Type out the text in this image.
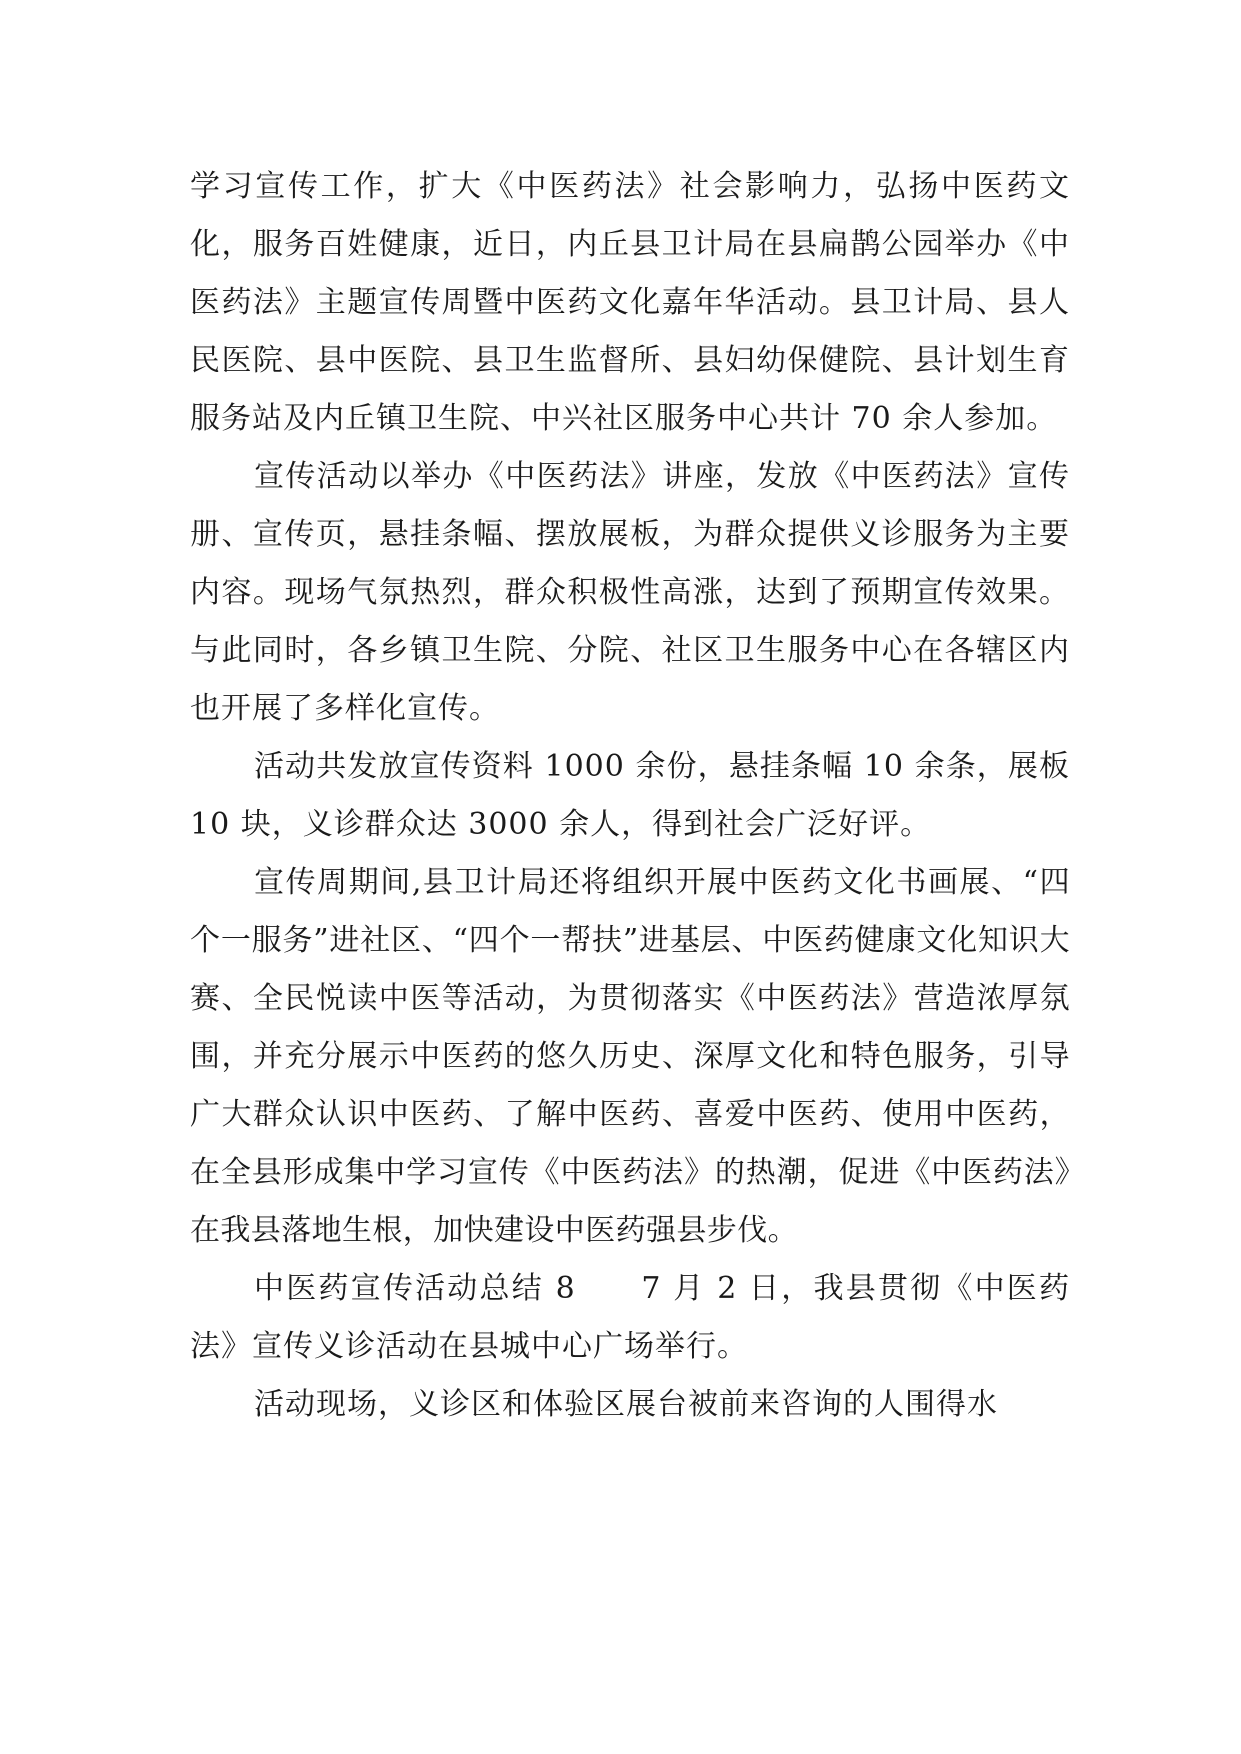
学习宣传工作，扩大《中医药法》社会影响力，弘扬中医药文化，服务百姓健康，近日，内丘县卫计局在县扁鹊公园举办《中医药法》主题宣传周暨中医药文化嘉年华活动。县卫计局、县人民医院、县中医院、县卫生监督所、县妇幼保健院、县计划生育服务站及内丘镇卫生院、中兴社区服务中心共计 70 余人参加。

宣传活动以举办《中医药法》讲座，发放《中医药法》宣传册、宣传页，悬挂条幅、摆放展板，为群众提供义诊服务为主要内容。现场气氛热烈，群众积极性高涨，达到了预期宣传效果。与此同时，各乡镇卫生院、分院、社区卫生服务中心在各辖区内也开展了多样化宣传。

活动共发放宣传资料 1000 余份，悬挂条幅 10 余条，展板 10 块，义诊群众达 3000 余人，得到社会广泛好评。

宣传周期间,县卫计局还将组织开展中医药文化书画展、“四个一服务”进社区、“四个一帮扶”进基层、中医药健康文化知识大赛、全民悦读中医等活动，为贯彻落实《中医药法》营造浓厚氛围，并充分展示中医药的悠久历史、深厚文化和特色服务，引导广大群众认识中医药、了解中医药、喜爱中医药、使用中医药，在全县形成集中学习宣传《中医药法》的热潮，促进《中医药法》在我县落地生根，加快建设中医药强县步伐。

中医药宣传活动总结 8　　7 月 2 日，我县贯彻《中医药法》宣传义诊活动在县城中心广场举行。

活动现场，义诊区和体验区展台被前来咨询的人围得水
